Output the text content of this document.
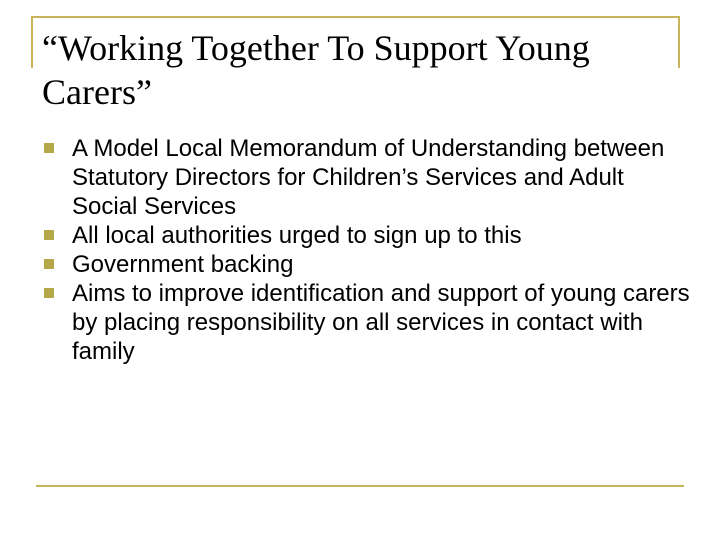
“Working Together To Support Young Carers”
A Model Local Memorandum of Understanding between Statutory Directors for Children’s Services and Adult Social Services
All local authorities urged to sign up to this
Government backing
Aims to improve identification and support of young carers by placing responsibility on all services in contact with family
